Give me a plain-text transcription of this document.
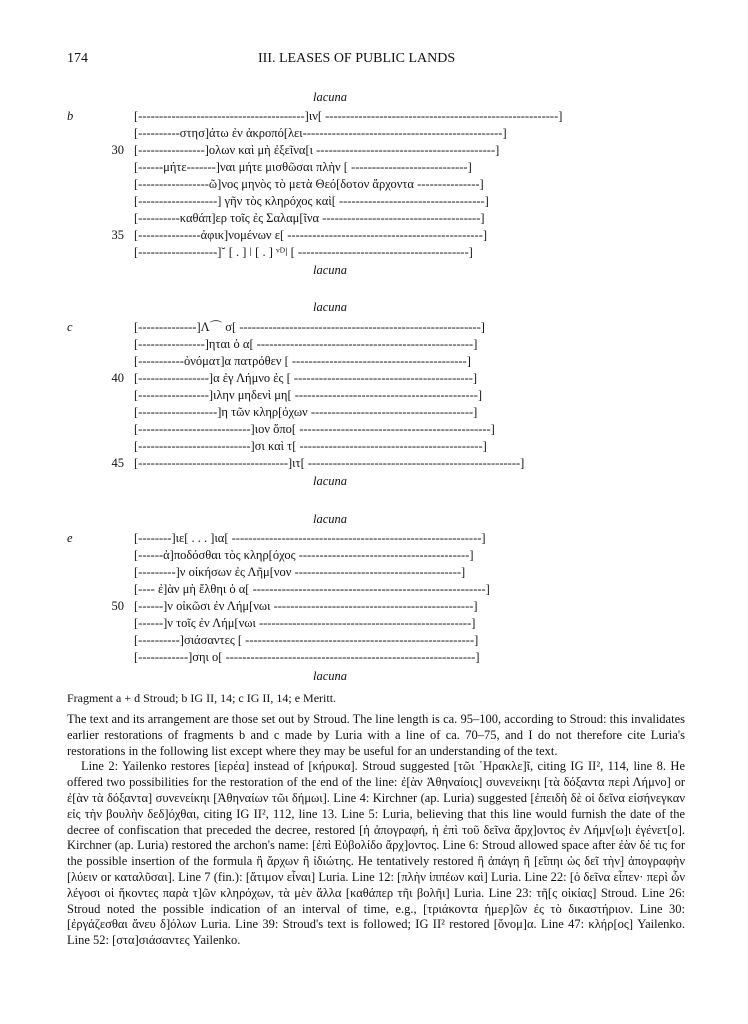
174	III. LEASES OF PUBLIC LANDS
lacuna
b	[----------------------------------------]ιν[ --------------------------------------------------------]
[----------στησ]άτω ἐν ἀκροπό[λει------------------------------------------------]
30 [----------------]ολων καὶ μὴ ἐξεῖνα[ι -------------------------------------------]
[------μήτε-------]ναι μήτε μισθῶσαι πλὴν [ ----------------------------]
[-----------------ῶ]νος μηνὸς τὸ μετὰ Θεό[δοτον ἄρχοντα ---------------]
[-------------------] γῆν τὸς κληρόχος καὶ[ -----------------------------------]
[----------καθάπ]ερ τοῖς ἐς Σαλαμ[ῖνα --------------------------------------]
35 [---------------ἀφικ]νομένων ε[ -----------------------------------------------]
[-------------------]˘ [ . ] ǀ [ . ] ᵛᴰǀ [ -----------------------------------------]
lacuna
lacuna
c	[--------------]Λ⌒ σ[ ----------------------------------------------------------]
[----------------]ηται ὁ α[ ----------------------------------------------------]
[-----------ὀνόματ]α πατρόθεν [ ------------------------------------------]
40 [-----------------]α ἐγ Λήμνο ἐς [ -------------------------------------------]
[-----------------]ιλην μηδενὶ μη[ --------------------------------------------]
[-------------------]η τῶν κληρ[όχων ---------------------------------------]
[---------------------------]ιον ὅπο[ ----------------------------------------------]
[---------------------------]σι καὶ τ[ --------------------------------------------]
45 [------------------------------------]ιτ[ ---------------------------------------------------]
lacuna
lacuna
e	[--------]ιε[ . . . ]ια[ ------------------------------------------------------------]
[------ἀ]ποδόσθαι τὸς κληρ[όχος -----------------------------------------]
[---------]ν οἰκήσων ἐς Λῆμ[νον ----------------------------------------]
[---- ἐ]ὰν μὴ ἔλθηι ὁ α[ --------------------------------------------------------]
50 [------]ν οἰκῶσι ἐν Λήμ[νωι ------------------------------------------------]
[------]ν τοῖς ἐν Λήμ[νωι ---------------------------------------------------]
[----------]σιάσαντες [ -------------------------------------------------------]
[------------]σηι ο[ ------------------------------------------------------------]
lacuna
Fragment a + d Stroud; b IG II, 14; c IG II, 14; e Meritt.

The text and its arrangement are those set out by Stroud. The line length is ca. 95–100, according to Stroud: this invalidates earlier restorations of fragments b and c made by Luria with a line of ca. 70–75, and I do not therefore cite Luria's restorations in the following list except where they may be useful for an understanding of the text.

Line 2: Yailenko restores [ἱερέα] instead of [κήρυκα]. Stroud suggested [τῶι ῾Ηρακλε]ῖ, citing IG II², 114, line 8. He offered two possibilities for the restoration of the end of the line: ἐ[ὰν Ἀθηναίοις] συνενείκηι [τὰ δόξαντα περὶ Λήμνο] or ἐ[ὰν τὰ δόξαντα] συνενείκηι [Ἀθηναίων τῶι δήμωι]. Line 4: Kirchner (ap. Luria) suggested [ἐπειδὴ δὲ οἱ δεῖνα εἰσήνεγκαν εἰς τὴν βουλὴν δεδ]όχθαι, citing IG II², 112, line 13. Line 5: Luria, believing that this line would furnish the date of the decree of confiscation that preceded the decree, restored [ἡ ἀπογραφή, ἡ ἐπὶ τοῦ δεῖνα ἄρχ]οντος ἐν Λήμν[ω]ι ἐγένετ[ο]. Kirchner (ap. Luria) restored the archon's name: [ἐπὶ Εὐβολίδο ἄρχ]οντος. Line 6: Stroud allowed space after ἐὰν δέ τις for the possible insertion of the formula ἢ ἄρχων ἢ ἰδιώτης. He tentatively restored ἢ ἀπάγη ἢ [εἴπηι ὡς δεῖ τὴν] ἀπογραφὴν [λύειν or καταλῦσαι]. Line 7 (fin.): [ἄτιμον εἶναι] Luria. Line 12: [πλὴν ἱππέων καὶ] Luria. Line 22: [ὁ δεῖνα εἶπεν· περὶ ὧν λέγοσι οἱ ἥκοντες παρὰ τ]ῶν κληρόχων, τὰ μὲν ἄλλα [καθάπερ τῆι βολῆι] Luria. Line 23: τῆ[ς οἰκίας] Stroud. Line 26: Stroud noted the possible indication of an interval of time, e.g., [τριάκοντα ἡμερ]ῶν ἐς τὸ δικαστήριον. Line 30: [ἐργάζεσθαι ἄνευ δ]όλων Luria. Line 39: Stroud's text is followed; IG II² restored [ὄνομ]α. Line 47: κλήρ[ος] Yailenko. Line 52: [στα]σιάσαντες Yailenko.
